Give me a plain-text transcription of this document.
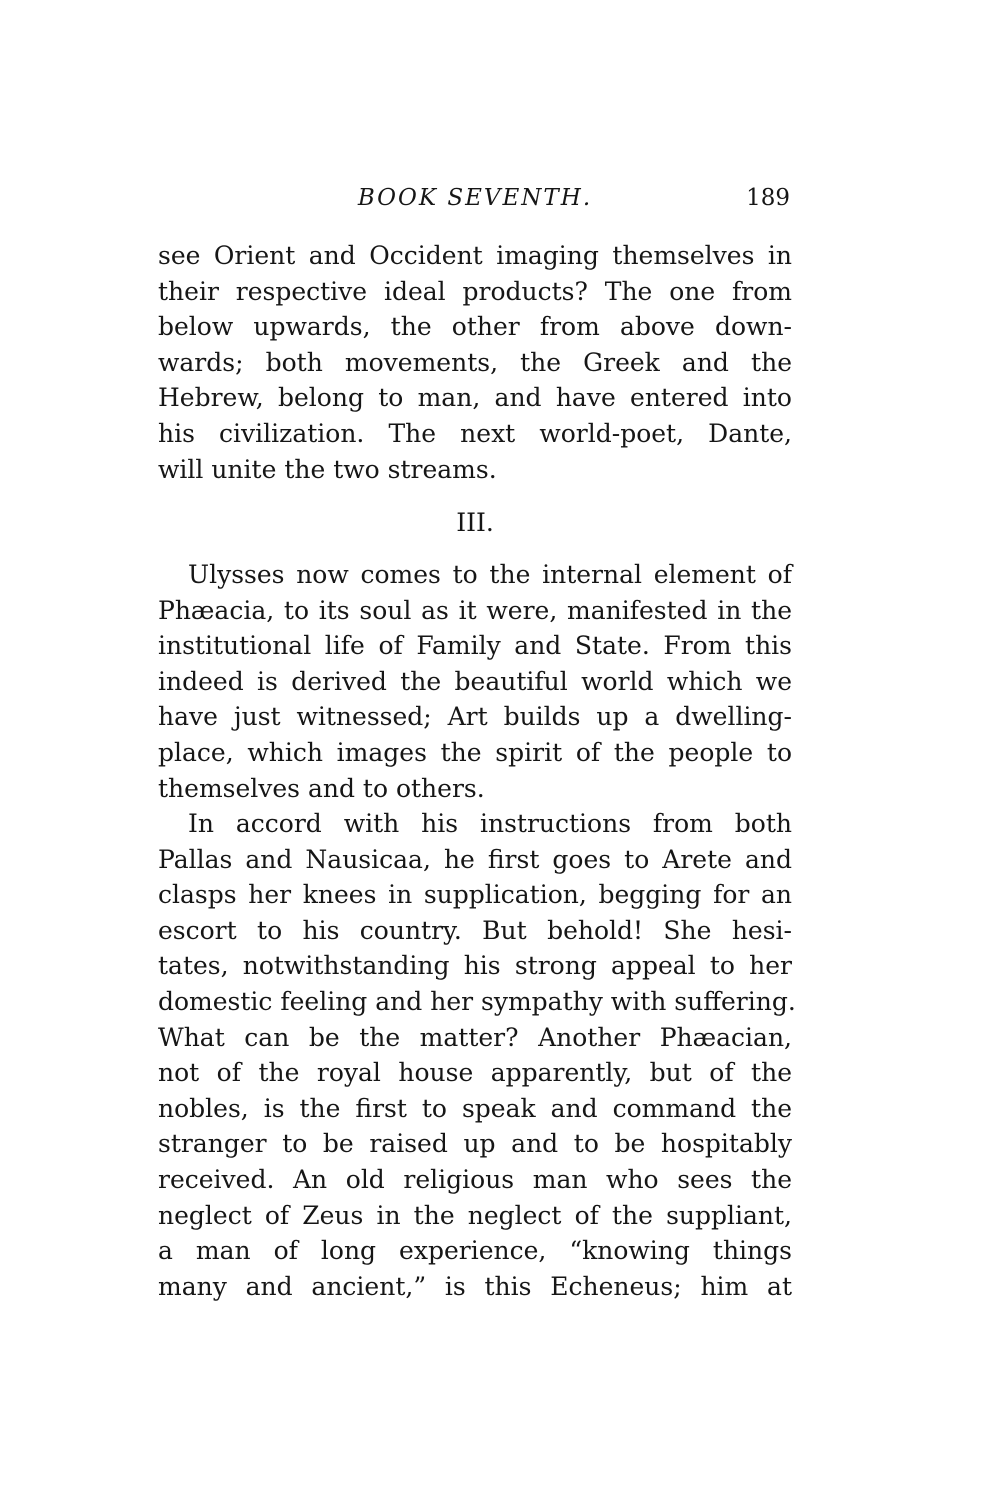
BOOK SEVENTH.	189
see Orient and Occident imaging themselves in
their respective ideal products? The one from
below upwards, the other from above down-
wards; both movements, the Greek and the
Hebrew, belong to man, and have entered into
his civilization. The next world-poet, Dante,
will unite the two streams.
III.
Ulysses now comes to the internal element of
Phæacia, to its soul as it were, manifested in the
institutional life of Family and State. From this
indeed is derived the beautiful world which we
have just witnessed; Art builds up a dwelling-
place, which images the spirit of the people to
themselves and to others.
In accord with his instructions from both
Pallas and Nausicaa, he first goes to Arete and
clasps her knees in supplication, begging for an
escort to his country. But behold! She hesi-
tates, notwithstanding his strong appeal to her
domestic feeling and her sympathy with suffering.
What can be the matter? Another Phæacian,
not of the royal house apparently, but of the
nobles, is the first to speak and command the
stranger to be raised up and to be hospitably
received. An old religious man who sees the
neglect of Zeus in the neglect of the suppliant,
a man of long experience, “knowing things
many and ancient,” is this Echeneus; him at
